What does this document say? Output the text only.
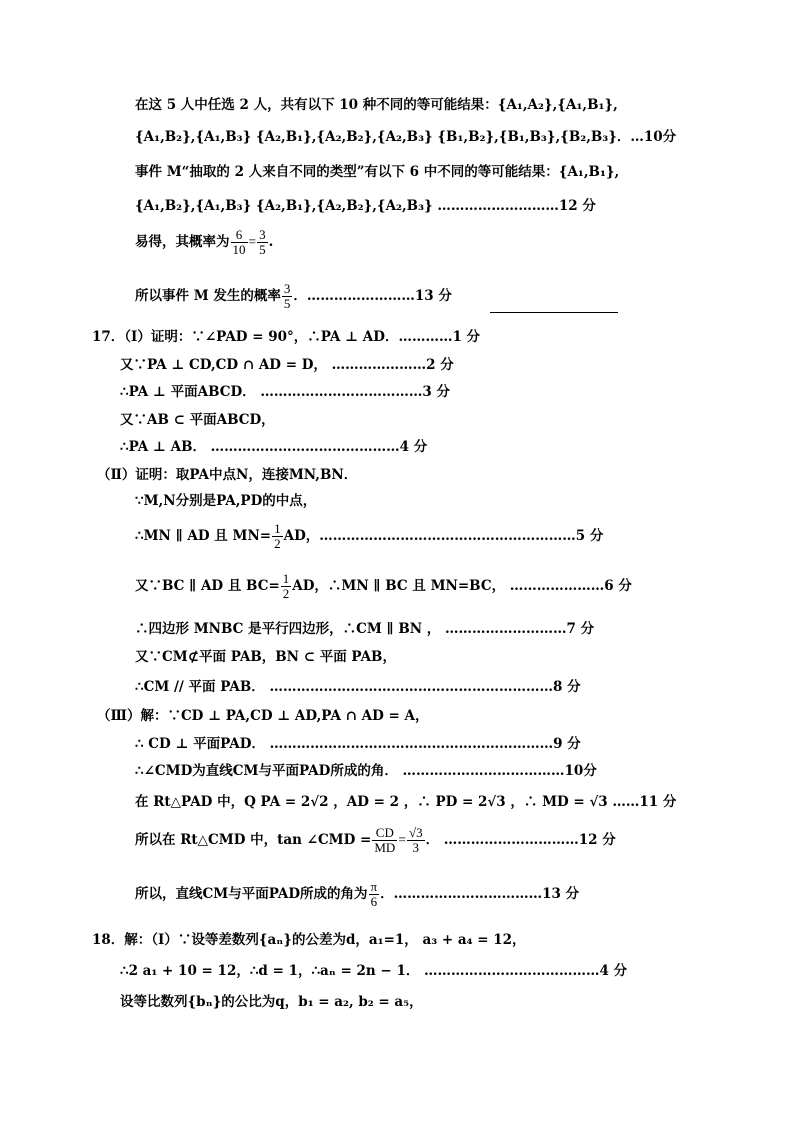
在这 5 人中任选 2 人，共有以下 10 种不同的等可能结果：{A₁,A₂},{A₁,B₁},
{A₁,B₂},{A₁,B₃} {A₂,B₁},{A₂,B₂},{A₂,B₃} {B₁,B₂},{B₁,B₃},{B₂,B₃}．…10分
事件 M“抽取的 2 人来自不同的类型”有以下 6 中不同的等可能结果：{A₁,B₁},
{A₁,B₂},{A₁,B₃} {A₂,B₁},{A₂,B₂},{A₂,B₃} ………………………12 分
易得，其概率为 $\frac{6}{10} = \frac{3}{5}$ .
所以事件 M 发生的概率 $\frac{3}{5}$ ．……………………13 分
17．（Ⅰ）证明：∵∠PAD = 90°，∴PA ⊥ AD．…………1 分
又∵PA ⊥ CD,CD ∩ AD = D， …………………2 分
∴PA ⊥ 平面ABCD． ………………………………3 分
又∵AB ⊂ 平面ABCD，
∴PA ⊥ AB． ……………………………………4 分
（Ⅱ）证明：取PA中点N，连接MN,BN．
∵M,N分别是PA,PD的中点，
∴MN ∥ AD 且 $MN= \frac{1}{2}$ AD，…………………………………………………5 分
又∵BC ∥ AD 且 $BC= \frac{1}{2}$ AD，∴MN ∥ BC 且 MN=BC， …………………6 分
∴四边形 MNBC 是平行四边形，∴CM ∥ BN ， ………………………7 分
又∵CM⊄平面 PAB，BN ⊂ 平面 PAB，
∴CM // 平面 PAB． ………………………………………………………8 分
（Ⅲ）解：∵CD ⊥ PA,CD ⊥ AD,PA ∩ AD = A，
∴ CD ⊥ 平面PAD． ………………………………………………………9 分
∴∠CMD为直线CM与平面PAD所成的角． ………………………………10分
在 Rt△PAD 中，Q PA = 2√2 ，AD = 2 ，∴ PD = 2√3 ，∴ MD = √3 ……11 分
所以在 Rt△CMD 中，tan ∠CMD = $\frac{CD}{MD} = \frac{√3}{3}$ ． …………………………12 分
所以，直线CM与平面PAD所成的角为 $\frac{\pi}{6}$ ．……………………………13 分
18．解：（Ⅰ）∵设等差数列{aₙ}的公差为d，a₁=1， a₃ + a₄ = 12，
∴2 a₁ + 10 = 12，∴d = 1，∴aₙ = 2n − 1． …………………………………4 分
设等比数列{bₙ}的公比为q，b₁ = a₂, b₂ = a₅，
